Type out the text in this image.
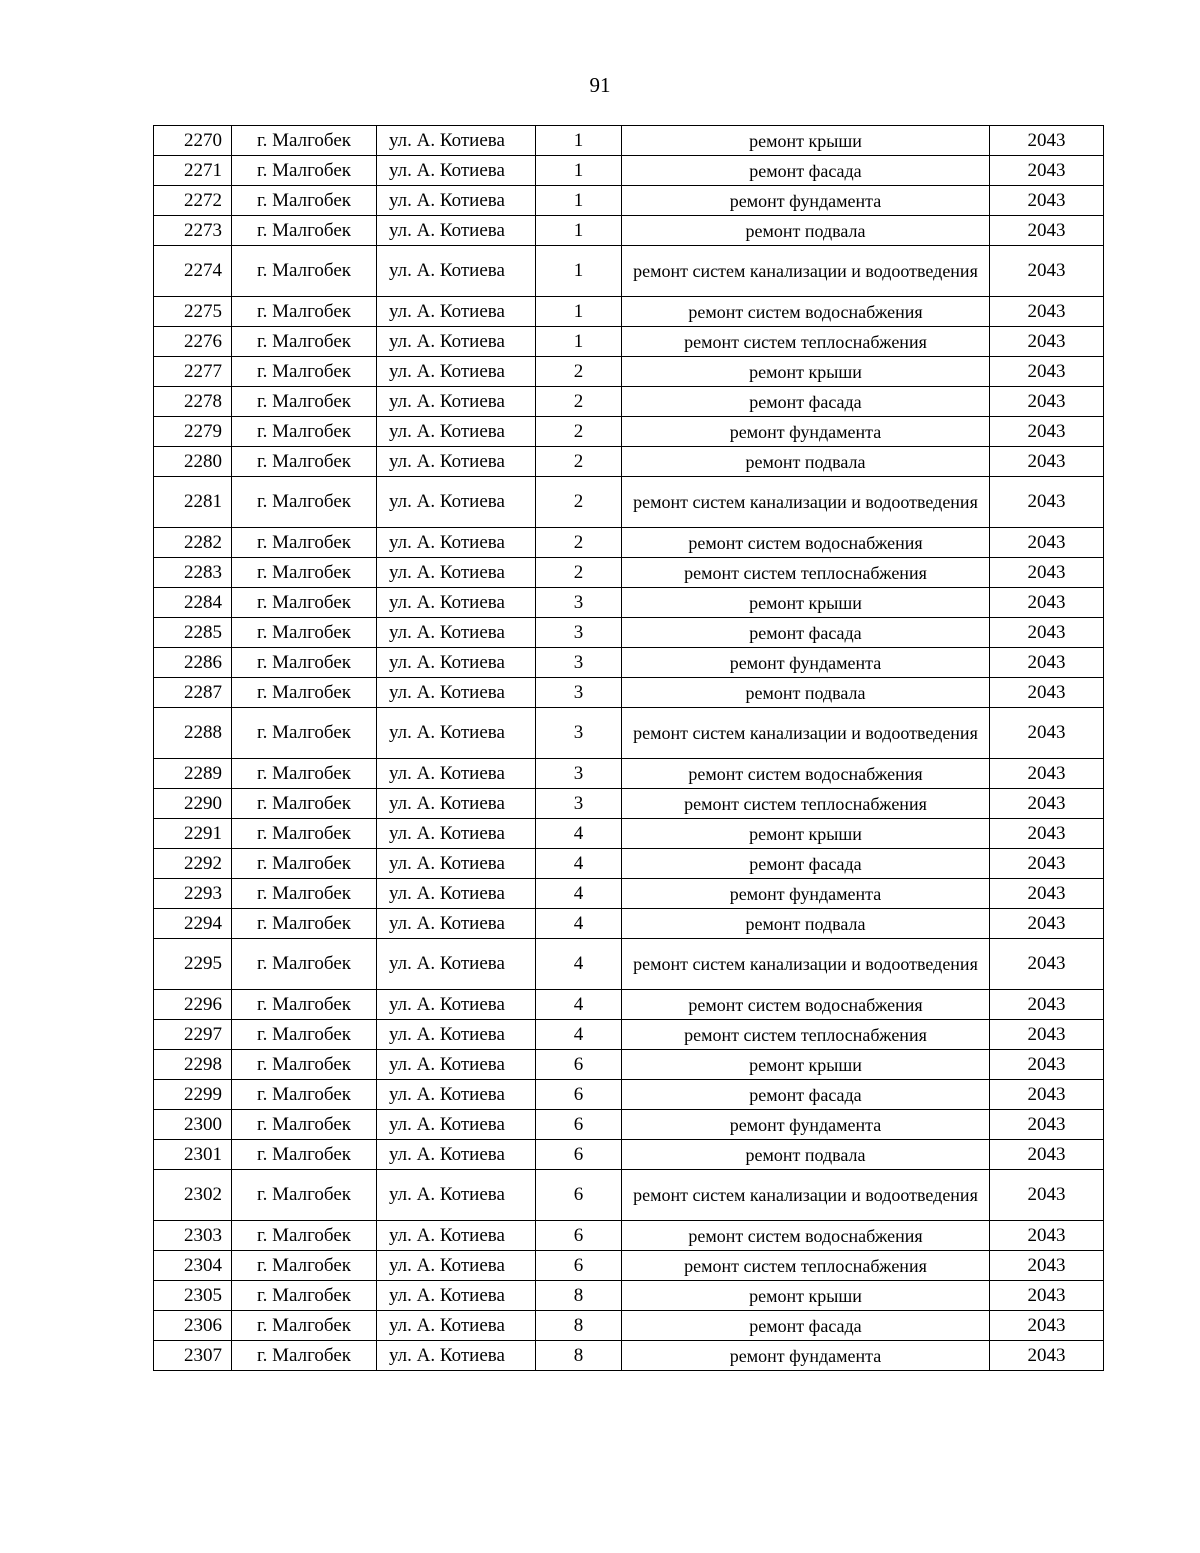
91
2270	г. Малгобек	ул. А. Котиева	1	ремонт крыши	2043
2271	г. Малгобек	ул. А. Котиева	1	ремонт фасада	2043
2272	г. Малгобек	ул. А. Котиева	1	ремонт фундамента	2043
2273	г. Малгобек	ул. А. Котиева	1	ремонт подвала	2043
2274	г. Малгобек	ул. А. Котиева	1	ремонт систем канализации и водоотведения	2043
2275	г. Малгобек	ул. А. Котиева	1	ремонт систем водоснабжения	2043
2276	г. Малгобек	ул. А. Котиева	1	ремонт систем теплоснабжения	2043
2277	г. Малгобек	ул. А. Котиева	2	ремонт крыши	2043
2278	г. Малгобек	ул. А. Котиева	2	ремонт фасада	2043
2279	г. Малгобек	ул. А. Котиева	2	ремонт фундамента	2043
2280	г. Малгобек	ул. А. Котиева	2	ремонт подвала	2043
2281	г. Малгобек	ул. А. Котиева	2	ремонт систем канализации и водоотведения	2043
2282	г. Малгобек	ул. А. Котиева	2	ремонт систем водоснабжения	2043
2283	г. Малгобек	ул. А. Котиева	2	ремонт систем теплоснабжения	2043
2284	г. Малгобек	ул. А. Котиева	3	ремонт крыши	2043
2285	г. Малгобек	ул. А. Котиева	3	ремонт фасада	2043
2286	г. Малгобек	ул. А. Котиева	3	ремонт фундамента	2043
2287	г. Малгобек	ул. А. Котиева	3	ремонт подвала	2043
2288	г. Малгобек	ул. А. Котиева	3	ремонт систем канализации и водоотведения	2043
2289	г. Малгобек	ул. А. Котиева	3	ремонт систем водоснабжения	2043
2290	г. Малгобек	ул. А. Котиева	3	ремонт систем теплоснабжения	2043
2291	г. Малгобек	ул. А. Котиева	4	ремонт крыши	2043
2292	г. Малгобек	ул. А. Котиева	4	ремонт фасада	2043
2293	г. Малгобек	ул. А. Котиева	4	ремонт фундамента	2043
2294	г. Малгобек	ул. А. Котиева	4	ремонт подвала	2043
2295	г. Малгобек	ул. А. Котиева	4	ремонт систем канализации и водоотведения	2043
2296	г. Малгобек	ул. А. Котиева	4	ремонт систем водоснабжения	2043
2297	г. Малгобек	ул. А. Котиева	4	ремонт систем теплоснабжения	2043
2298	г. Малгобек	ул. А. Котиева	6	ремонт крыши	2043
2299	г. Малгобек	ул. А. Котиева	6	ремонт фасада	2043
2300	г. Малгобек	ул. А. Котиева	6	ремонт фундамента	2043
2301	г. Малгобек	ул. А. Котиева	6	ремонт подвала	2043
2302	г. Малгобек	ул. А. Котиева	6	ремонт систем канализации и водоотведения	2043
2303	г. Малгобек	ул. А. Котиева	6	ремонт систем водоснабжения	2043
2304	г. Малгобек	ул. А. Котиева	6	ремонт систем теплоснабжения	2043
2305	г. Малгобек	ул. А. Котиева	8	ремонт крыши	2043
2306	г. Малгобек	ул. А. Котиева	8	ремонт фасада	2043
2307	г. Малгобек	ул. А. Котиева	8	ремонт фундамента	2043
